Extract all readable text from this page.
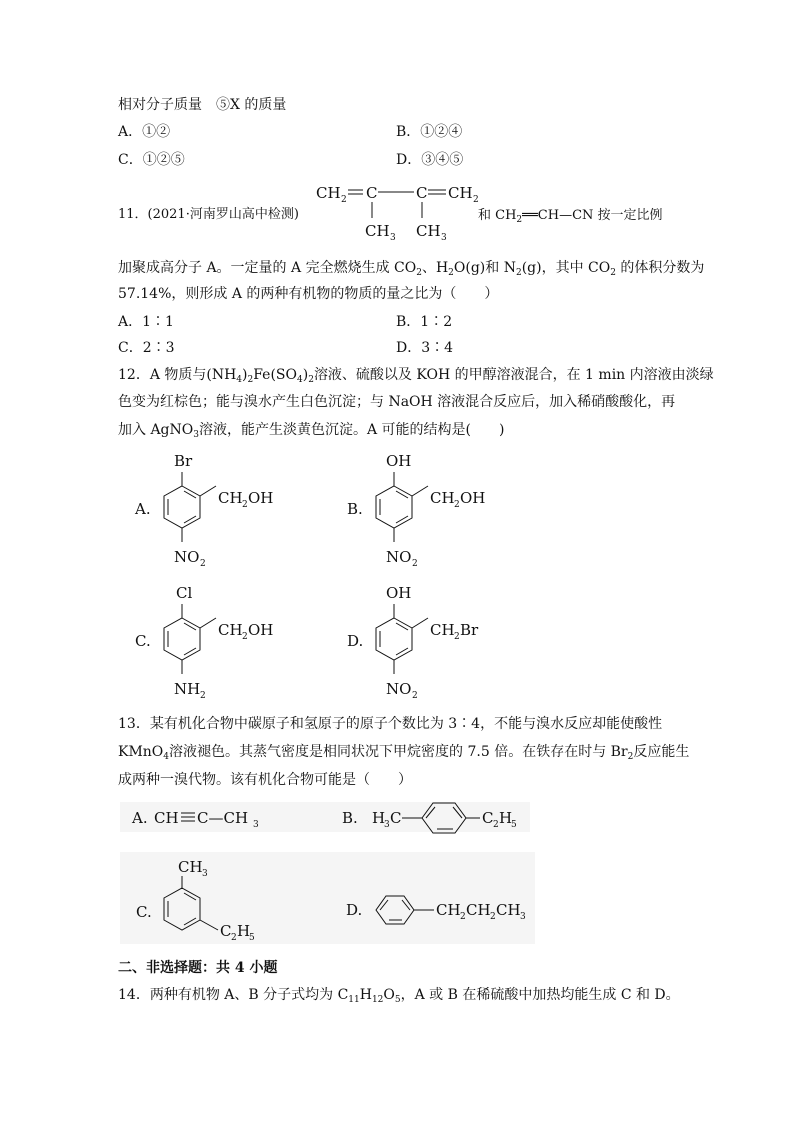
相对分子质量　⑤X 的质量
A．①②	B．①②④
C．①②⑤	D．③④⑤
11．(2021·河南罗山高中检测)
CH 2 C	C CH 2
CH 3 CH 3
和 $CH_2══CH—CN$ 按一定比例
加聚成高分子 A。一定量的 A 完全燃烧生成 $CO_2$、$H_2O(g)$和 $N_2(g)$，其中 $CO_2$ 的体积分数为
57.14%，则形成 A 的两种有机物的物质的量之比为（　　）
A．1∶1	B．1∶2
C．2∶3	D．3∶4
12．A 物质与$(NH_4)_2Fe(SO_4)_2$溶液、硫酸以及 KOH 的甲醇溶液混合，在 1 min 内溶液由淡绿
色变为红棕色；能与溴水产生白色沉淀；与 NaOH 溶液混合反应后，加入稀硝酸酸化，再
加入 AgNO$_3$溶液，能产生淡黄色沉淀。A 可能的结构是(　　)
A.
Br
CH 2 OH
NO 2
B.
OH
CH 2 OH
NO 2
C.
Cl
CH 2 OH
NH 2
D.
OH
CH 2 Br
NO 2
13．某有机化合物中碳原子和氢原子的原子个数比为 3∶4，不能与溴水反应却能使酸性
KMnO$_4$溶液褪色。其蒸气密度是相同状况下甲烷密度的 7.5 倍。在铁存在时与 $Br_2$反应能生
成两种一溴代物。该有机化合物可能是（　　）
A. CH C—CH 3	B. H
3 C	C 2 H
5
C.
CH 3
C 2 H
5
D.	CH 2 CH 2 CH 3
二、非选择题：共 4 小题
14．两种有机物 A、B 分子式均为 $C_{11}H_{12}O_5$，A 或 B 在稀硫酸中加热均能生成 C 和 D。
